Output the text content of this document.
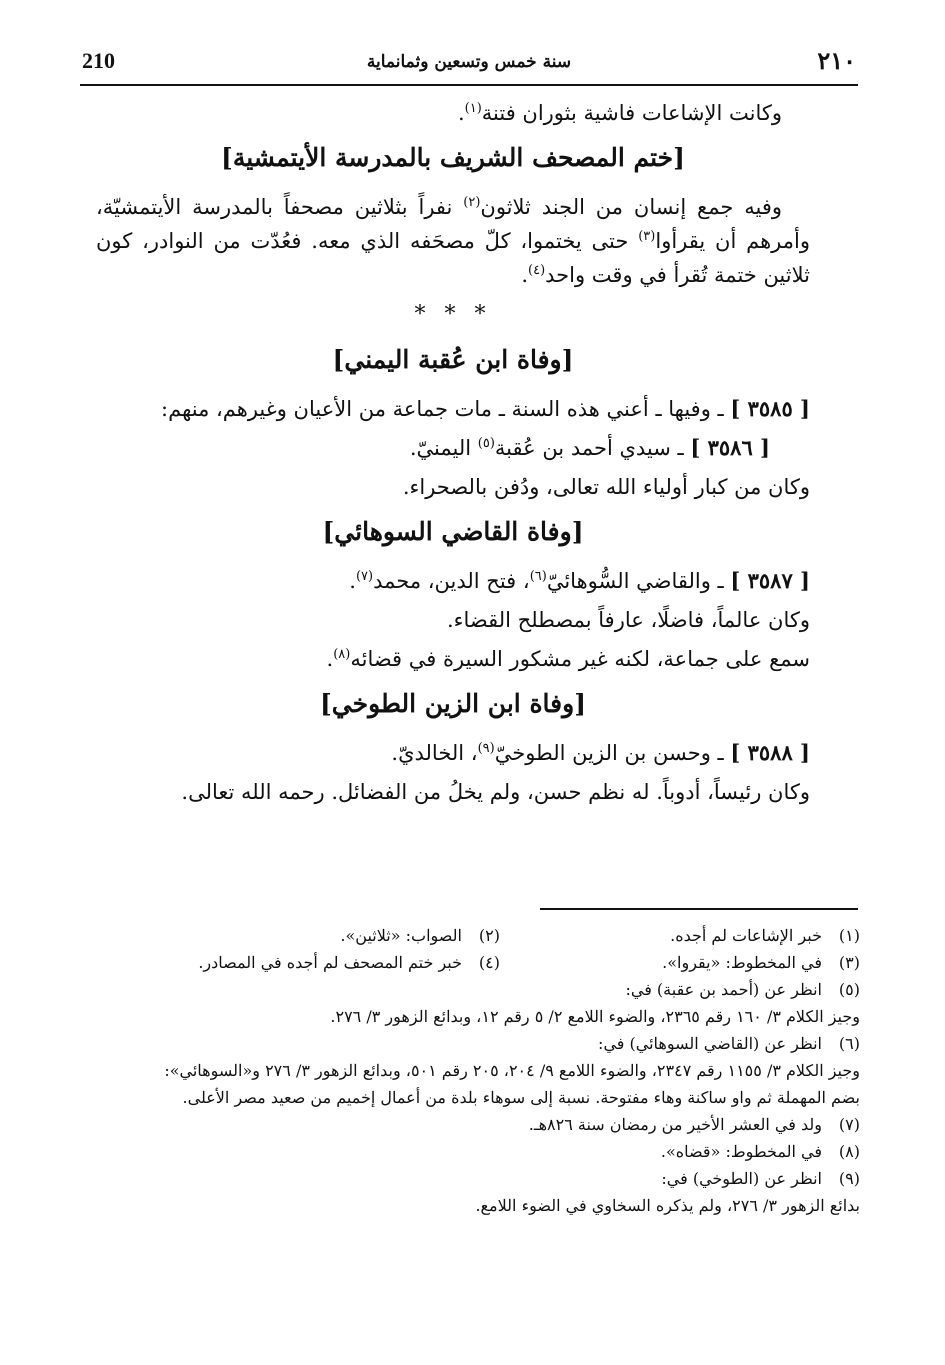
210	سنة خمس وتسعين وثمانماية	٢١٠

وكانت الإشاعات فاشية بثوران فتنة$^{(١)}$.

[ختم المصحف الشريف بالمدرسة الأيتمشية]

وفيه جمع إنسان من الجند ثلاثون$^{(٢)}$ نفراً بثلاثين مصحفاً بالمدرسة الأيتمشيّة، وأمرهم أن يقرأوا$^{(٣)}$ حتى يختموا، كلّ مصحَفه الذي معه. فعُدّت من النوادر، كون ثلاثين ختمة تُقرأ في وقت واحد$^{(٤)}$.

* * *
[وفاة ابن عُقبة اليمني]

[ ٣٥٨٥ ] ـ وفيها ـ أعني هذه السنة ـ مات جماعة من الأعيان وغيرهم، منهم:

[ ٣٥٨٦ ] ـ سيدي أحمد بن عُقبة$^{(٥)}$ اليمنيّ.

وكان من كبار أولياء الله تعالى، ودُفن بالصحراء.

[وفاة القاضي السوهائي]

[ ٣٥٨٧ ] ـ والقاضي السُّوهائيّ$^{(٦)}$، فتح الدين، محمد$^{(٧)}$.

وكان عالماً، فاضلًا، عارفاً بمصطلح القضاء.

سمع على جماعة، لكنه غير مشكور السيرة في قضائه$^{(٨)}$.

[وفاة ابن الزين الطوخي]

[ ٣٥٨٨ ] ـ وحسن بن الزين الطوخيّ$^{(٩)}$، الخالديّ.

وكان رئيساً، أدوباً. له نظم حسن، ولم يخلُ من الفضائل. رحمه الله تعالى.

(١)خبر الإشاعات لم أجده.
(٢)الصواب: «ثلاثين».
(٣)في المخطوط: «يقروا».
(٤)خبر ختم المصحف لم أجده في المصادر.
(٥)انظر عن (أحمد بن عقبة) في:
وجيز الكلام ٣/ ١٦٠ رقم ٢٣٦٥، والضوء اللامع ٢/ ٥ رقم ١٢، وبدائع الزهور ٣/ ٢٧٦.
(٦)انظر عن (القاضي السوهائي) في:
وجيز الكلام ٣/ ١١٥٥ رقم ٢٣٤٧، والضوء اللامع ٩/ ٢٠٤، ٢٠٥ رقم ٥٠١، وبدائع الزهور ٣/ ٢٧٦ و«السوهائي»: بضم المهملة ثم واو ساكنة وهاء مفتوحة. نسبة إلى سوهاء بلدة من أعمال إخميم من صعيد مصر الأعلى.
(٧)ولد في العشر الأخير من رمضان سنة ٨٢٦هـ.
(٨)في المخطوط: «قضاه».
(٩)انظر عن (الطوخي) في:
بدائع الزهور ٣/ ٢٧٦، ولم يذكره السخاوي في الضوء اللامع.
